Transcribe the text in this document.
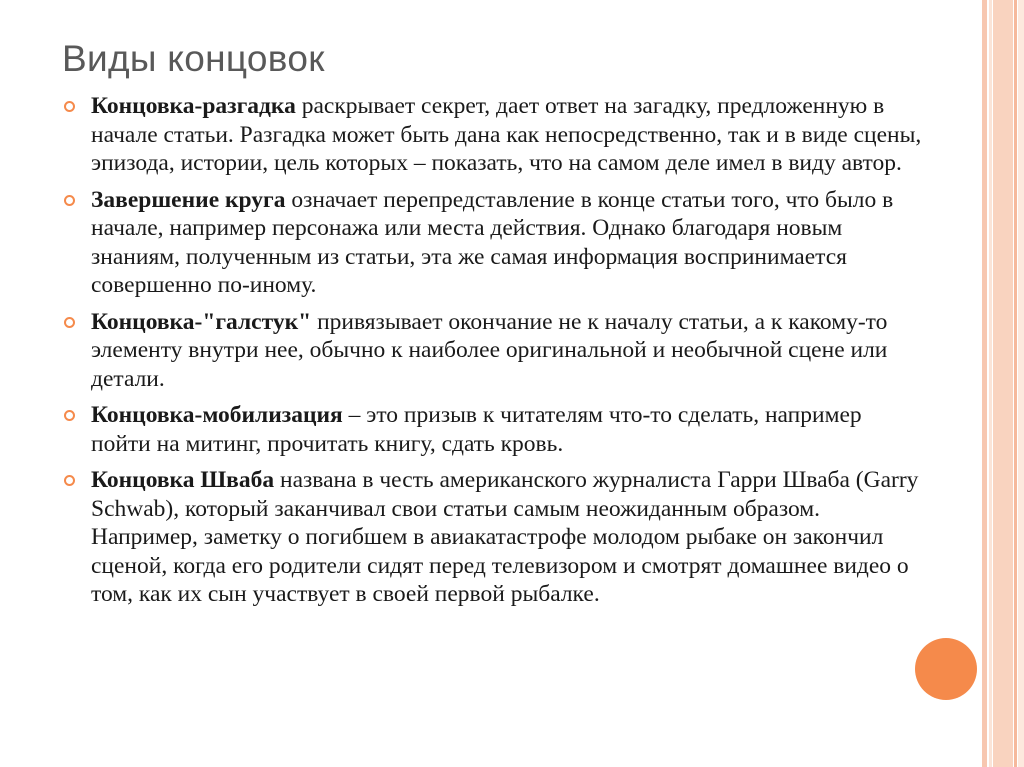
Виды концовок
Концовка-разгадка раскрывает секрет, дает ответ на загадку, предложенную в начале статьи. Разгадка может быть дана как непосредственно, так и в виде сцены, эпизода, истории, цель которых – показать, что на самом деле имел в виду автор.
Завершение круга означает перепредставление в конце статьи того, что было в начале, например персонажа или места действия. Однако благодаря новым знаниям, полученным из статьи, эта же самая информация воспринимается совершенно по-иному.
Концовка-"галстук" привязывает окончание не к началу статьи, а к какому-то элементу внутри нее, обычно к наиболее оригинальной и необычной сцене или детали.
Концовка-мобилизация – это призыв к читателям что-то сделать, например пойти на митинг, прочитать книгу, сдать кровь.
Концовка Шваба названа в честь американского журналиста Гарри Шваба (Garry Schwab), который заканчивал свои статьи самым неожиданным образом. Например, заметку о погибшем в авиакатастрофе молодом рыбаке он закончил сценой, когда его родители сидят перед телевизором и смотрят домашнее видео о том, как их сын участвует в своей первой рыбалке.
